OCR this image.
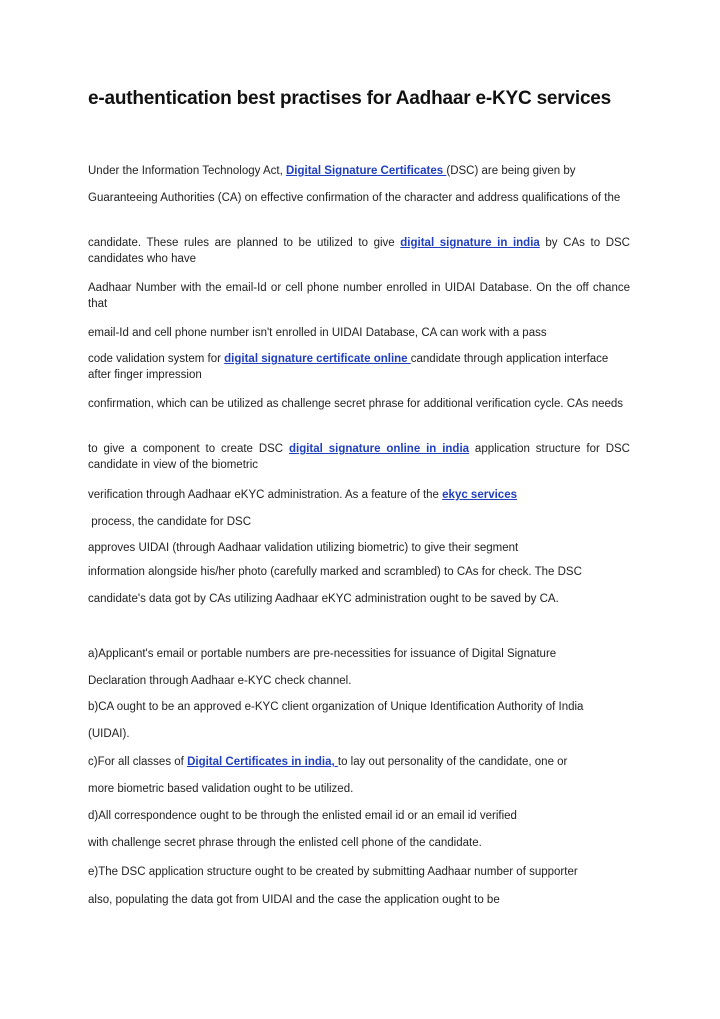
e-authentication best practises for Aadhaar e-KYC services

Under the Information Technology Act, Digital Signature Certificates (DSC) are being given by

Guaranteeing Authorities (CA) on effective confirmation of the character and address qualifications of the

candidate. These rules are planned to be utilized to give digital signature in india by CAs to DSC candidates who have

Aadhaar Number with the email-Id or cell phone number enrolled in UIDAI Database. On the off chance that

email-Id and cell phone number isn't enrolled in UIDAI Database, CA can work with a pass

code validation system for digital signature certificate online candidate through application interface after finger impression

confirmation, which can be utilized as challenge secret phrase for additional verification cycle. CAs needs

to give a component to create DSC digital signature online in india application structure for DSC candidate in view of the biometric

verification through Aadhaar eKYC administration. As a feature of the ekyc services

process, the candidate for DSC

approves UIDAI (through Aadhaar validation utilizing biometric) to give their segment

information alongside his/her photo (carefully marked and scrambled) to CAs for check. The DSC

candidate's data got by CAs utilizing Aadhaar eKYC administration ought to be saved by CA.

a)Applicant's email or portable numbers are pre-necessities for issuance of Digital Signature

Declaration through Aadhaar e-KYC check channel.

b)CA ought to be an approved e-KYC client organization of Unique Identification Authority of India

(UIDAI).

c)For all classes of Digital Certificates in india, to lay out personality of the candidate, one or

more biometric based validation ought to be utilized.

d)All correspondence ought to be through the enlisted email id or an email id verified

with challenge secret phrase through the enlisted cell phone of the candidate.

e)The DSC application structure ought to be created by submitting Aadhaar number of supporter

also, populating the data got from UIDAI and the case the application ought to be
